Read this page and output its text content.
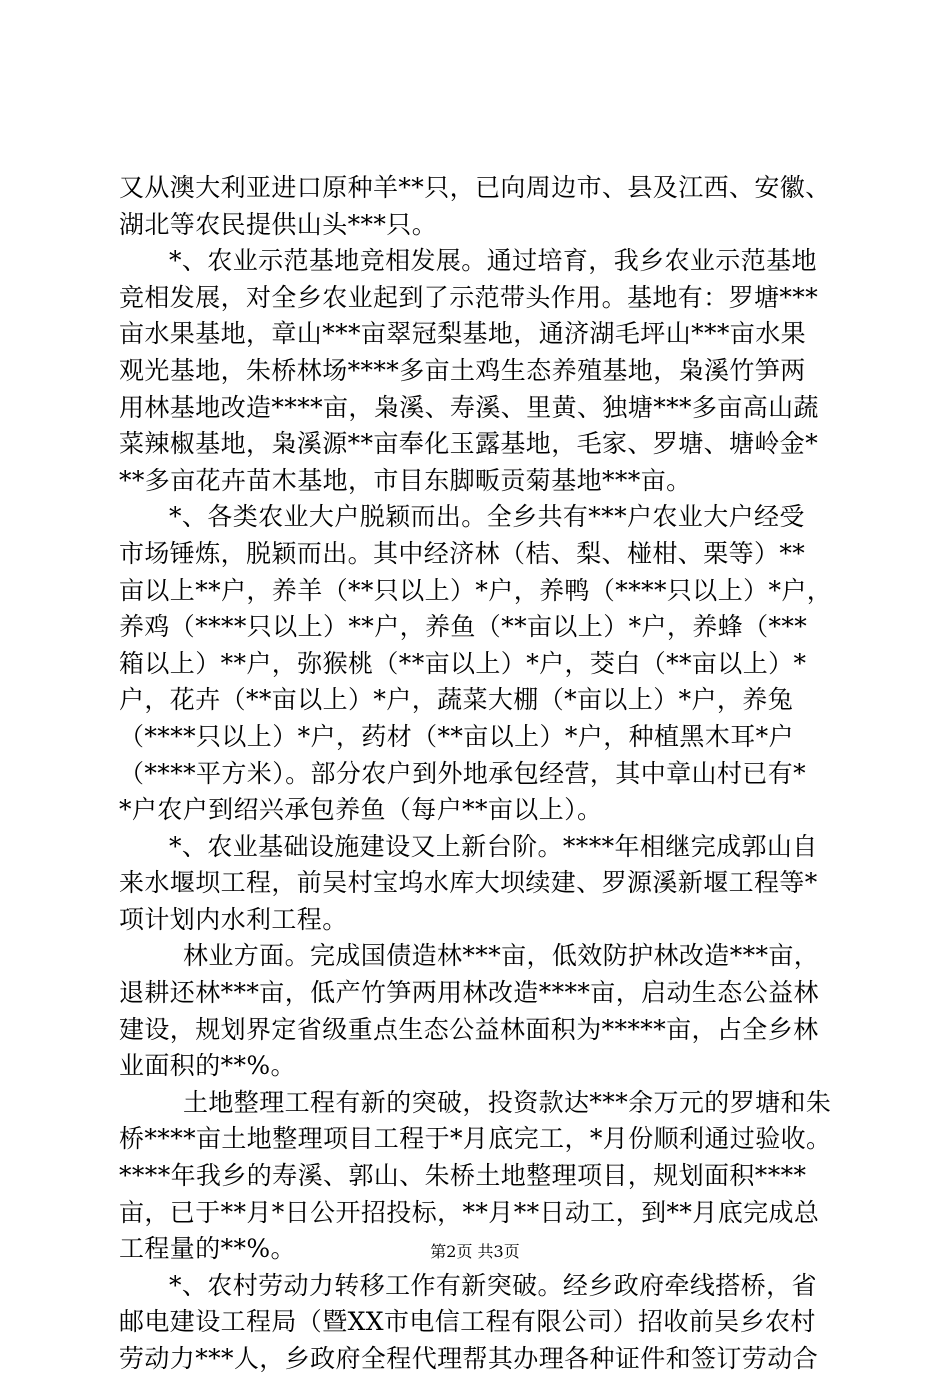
又从澳大利亚进口原种羊**只，已向周边市、县及江西、安徽、
湖北等农民提供山头***只。
*、农业示范基地竞相发展。通过培育，我乡农业示范基地
竞相发展，对全乡农业起到了示范带头作用。基地有：罗塘***
亩水果基地，章山***亩翠冠梨基地，通济湖毛坪山***亩水果
观光基地，朱桥林场****多亩土鸡生态养殖基地，枭溪竹笋两
用林基地改造****亩，枭溪、寿溪、里黄、独塘***多亩高山蔬
菜辣椒基地，枭溪源**亩奉化玉露基地，毛家、罗塘、塘岭金*
**多亩花卉苗木基地，市目东脚畈贡菊基地***亩。
*、各类农业大户脱颖而出。全乡共有***户农业大户经受
市场锤炼，脱颖而出。其中经济林（桔、梨、椪柑、栗等）**
亩以上**户，养羊（**只以上）*户，养鸭（****只以上）*户，
养鸡（****只以上）**户，养鱼（**亩以上）*户，养蜂（***
箱以上）**户，弥猴桃（**亩以上）*户，茭白（**亩以上）*
户，花卉（**亩以上）*户，蔬菜大棚（*亩以上）*户，养兔
（****只以上）*户，药材（**亩以上）*户，种植黑木耳*户
（****平方米）。部分农户到外地承包经营，其中章山村已有*
*户农户到绍兴承包养鱼（每户**亩以上）。
*、农业基础设施建设又上新台阶。****年相继完成郭山自
来水堰坝工程，前吴村宝坞水库大坝续建、罗源溪新堰工程等*
项计划内水利工程。
林业方面。完成国债造林***亩，低效防护林改造***亩，
退耕还林***亩，低产竹笋两用林改造****亩，启动生态公益林
建设，规划界定省级重点生态公益林面积为*****亩，占全乡林
业面积的**%。
土地整理工程有新的突破，投资款达***余万元的罗塘和朱
桥****亩土地整理项目工程于*月底完工，*月份顺利通过验收。
****年我乡的寿溪、郭山、朱桥土地整理项目，规划面积****
亩，已于**月*日公开招投标，**月**日动工，到**月底完成总
工程量的**%。
*、农村劳动力转移工作有新突破。经乡政府牵线搭桥，省
邮电建设工程局（暨XX市电信工程有限公司）招收前吴乡农村
劳动力***人，乡政府全程代理帮其办理各种证件和签订劳动合
第2页 共3页
